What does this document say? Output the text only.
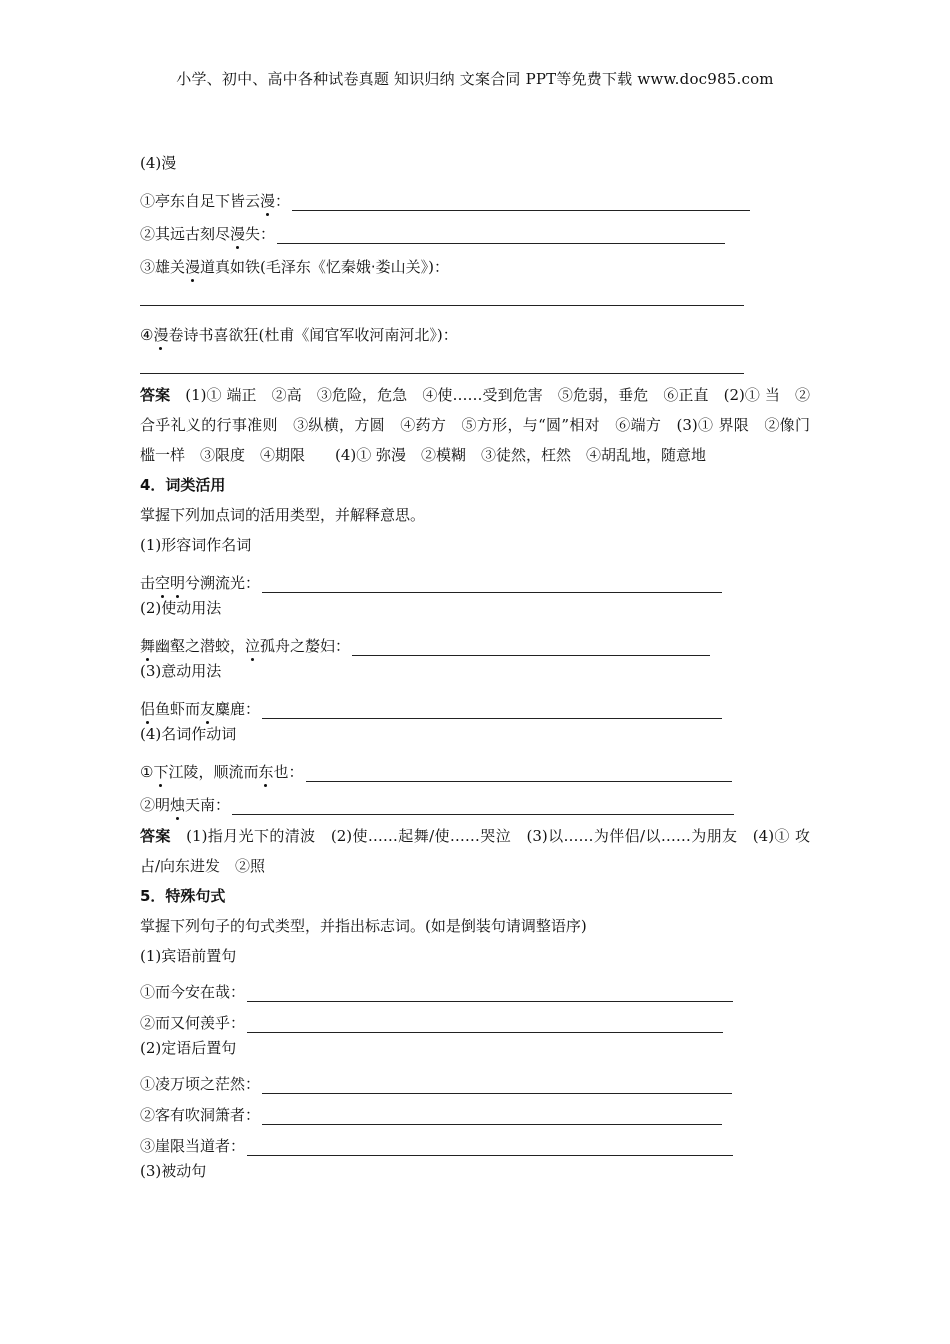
小学、初中、高中各种试卷真题 知识归纳 文案合同 PPT等免费下载 www.doc985.com
(4)漫
①亭东自足下皆云漫：
②其远古刻尽漫失：
③雄关漫道真如铁(毛泽东《忆秦娥·娄山关》)：
④漫卷诗书喜欲狂(杜甫《闻官军收河南河北》)：
答案　 (1)① 端正　②高　③危险，危急　④使……受到危害　⑤危弱，垂危　⑥正直　(2)① 当　②合乎礼义的行事准则　③纵横，方圆　④药方　⑤方形，与“圆”相对　⑥端方　(3)① 界限　②像门槛一样　③限度　④期限　　(4)① 弥漫　②模糊　③徒然，枉然　④胡乱地，随意地
4．词类活用
掌握下列加点词的活用类型，并解释意思。
(1)形容词作名词
击空明兮溯流光：
(2)使动用法
舞幽壑之潜蛟，泣孤舟之嫠妇：
(3)意动用法
侣鱼虾而友麋鹿：
(4)名词作动词
①下江陵，顺流而东也：
②明烛天南：
答案　 (1)指月光下的清波　(2)使……起舞/使……哭泣　(3)以……为伴侣/以……为朋友　(4)① 攻占/向东进发　②照
5．特殊句式
掌握下列句子的句式类型，并指出标志词。(如是倒装句请调整语序)
(1)宾语前置句
①而今安在哉：
②而又何羡乎：
(2)定语后置句
①凌万顷之茫然：
②客有吹洞箫者：
③崖限当道者：
(3)被动句
